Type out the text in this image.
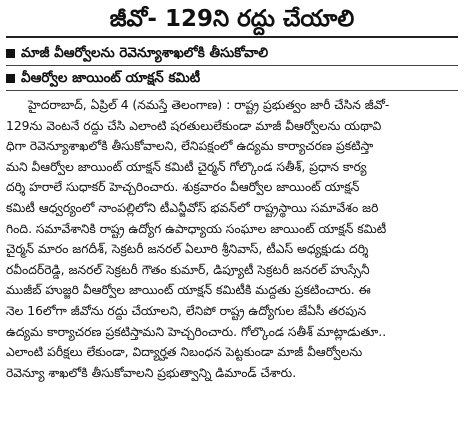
జీవో- 129ని రద్దు చేయాలి
మాజీ వీఆర్వోలను రెవెన్యూశాఖలోకి తీసుకోవాలి
వీఆర్వోల జాయింట్ యాక్షన్ కమిటీ
హైదరాబాద్, ఏప్రిల్ 4 (నమస్తే తెలంగాణ) : రాష్ట్ర ప్రభుత్వం జారీ చేసిన జీవో-
129ను వెంటనే రద్దు చేసి ఎలాంటి షరతులులేకుండా మాజీ వీఆర్వోలను యథావి
ధిగా రెవెన్యూశాఖలోకి తీసుకోవాలని, లేనిపక్షంలో ఉద్యమ కార్యాచరణ ప్రకటిస్తా
మని వీఆర్వోల జాయింట్ యాక్షన్ కమిటీ చైర్మన్ గోల్కొండ సతీశ్, ప్రధాన కార్య
దర్శి హరాలే సుధాకర్ హెచ్చరించారు. శుక్రవారం వీఆర్వోల జాయింట్ యాక్షన్
కమిటీ ఆధ్వర్యంలో నాంపల్లిలోని టీఎన్జీవోస్ భవన్‌లో రాష్ట్రస్థాయి సమావేశం జరి
గింది. సమావేశానికి రాష్ట్ర ఉద్యోగ ఉపాధ్యాయ సంఘాల జాయింట్ యాక్షన్ కమిటీ
చైర్మన్ మారం జగదీశ్, సెక్రటరీ జనరల్ ఏలూరి శ్రీనివాస్, టీఎస్ అధ్యక్షుడు దర్శి
రవీందర్‌రెడ్డి, జనరల్ సెక్రటరీ గౌతం కుమార్, డిప్యూటీ సెక్రటరీ జనరల్ హుస్సేనీ
ముజీబ్ హుజ్జరి వీఆర్వోల జాయింట్ యాక్షన్ కమిటీకి మద్దతు ప్రకటించారు. ఈ
నెల 16లోగా జీవోను రద్దు చేయాలని, లేనిపో రాష్ట్ర ఉద్యోగుల జేఏసీ తరపున
ఉద్యమ కార్యాచరణ ప్రకటిస్తామని హెచ్చరించారు. గోల్కొండ సతీశ్ మాట్లాడుతూ..
ఎలాంటి పరీక్షలు లేకుండా, విద్యార్హత నిబంధన పెట్టకుండా మాజీ వీఆర్వోలను
రెవెన్యూ శాఖలోకి తీసుకోవాలని ప్రభుత్వాన్ని డిమాండ్ చేశారు.
